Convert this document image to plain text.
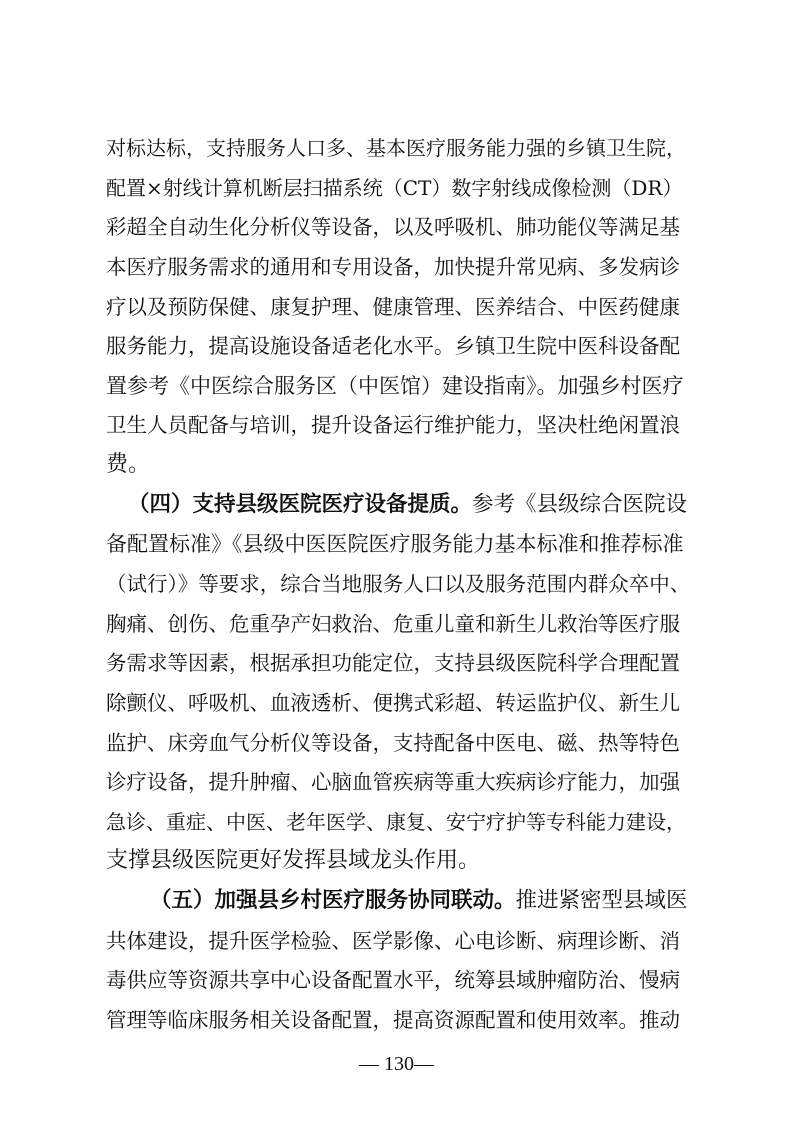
对标达标，支持服务人口多、基本医疗服务能力强的乡镇卫生院，
配置×射线计算机断层扫描系统（CT）数字射线成像检测（DR）
彩超全自动生化分析仪等设备，以及呼吸机、肺功能仪等满足基
本医疗服务需求的通用和专用设备，加快提升常见病、多发病诊
疗以及预防保健、康复护理、健康管理、医养结合、中医药健康
服务能力，提高设施设备适老化水平。乡镇卫生院中医科设备配
置参考《中医综合服务区（中医馆）建设指南》。加强乡村医疗
卫生人员配备与培训，提升设备运行维护能力，坚决杜绝闲置浪
费。
（四）支持县级医院医疗设备提质。参考《县级综合医院设
备配置标准》《县级中医医院医疗服务能力基本标准和推荐标准
（试行）》等要求，综合当地服务人口以及服务范围内群众卒中、
胸痛、创伤、危重孕产妇救治、危重儿童和新生儿救治等医疗服
务需求等因素，根据承担功能定位，支持县级医院科学合理配置
除颤仪、呼吸机、血液透析、便携式彩超、转运监护仪、新生儿
监护、床旁血气分析仪等设备，支持配备中医电、磁、热等特色
诊疗设备，提升肿瘤、心脑血管疾病等重大疾病诊疗能力，加强
急诊、重症、中医、老年医学、康复、安宁疗护等专科能力建设，
支撑县级医院更好发挥县域龙头作用。
（五）加强县乡村医疗服务协同联动。推进紧密型县域医
共体建设，提升医学检验、医学影像、心电诊断、病理诊断、消
毒供应等资源共享中心设备配置水平，统筹县域肿瘤防治、慢病
管理等临床服务相关设备配置，提高资源配置和使用效率。推动
— 130—
